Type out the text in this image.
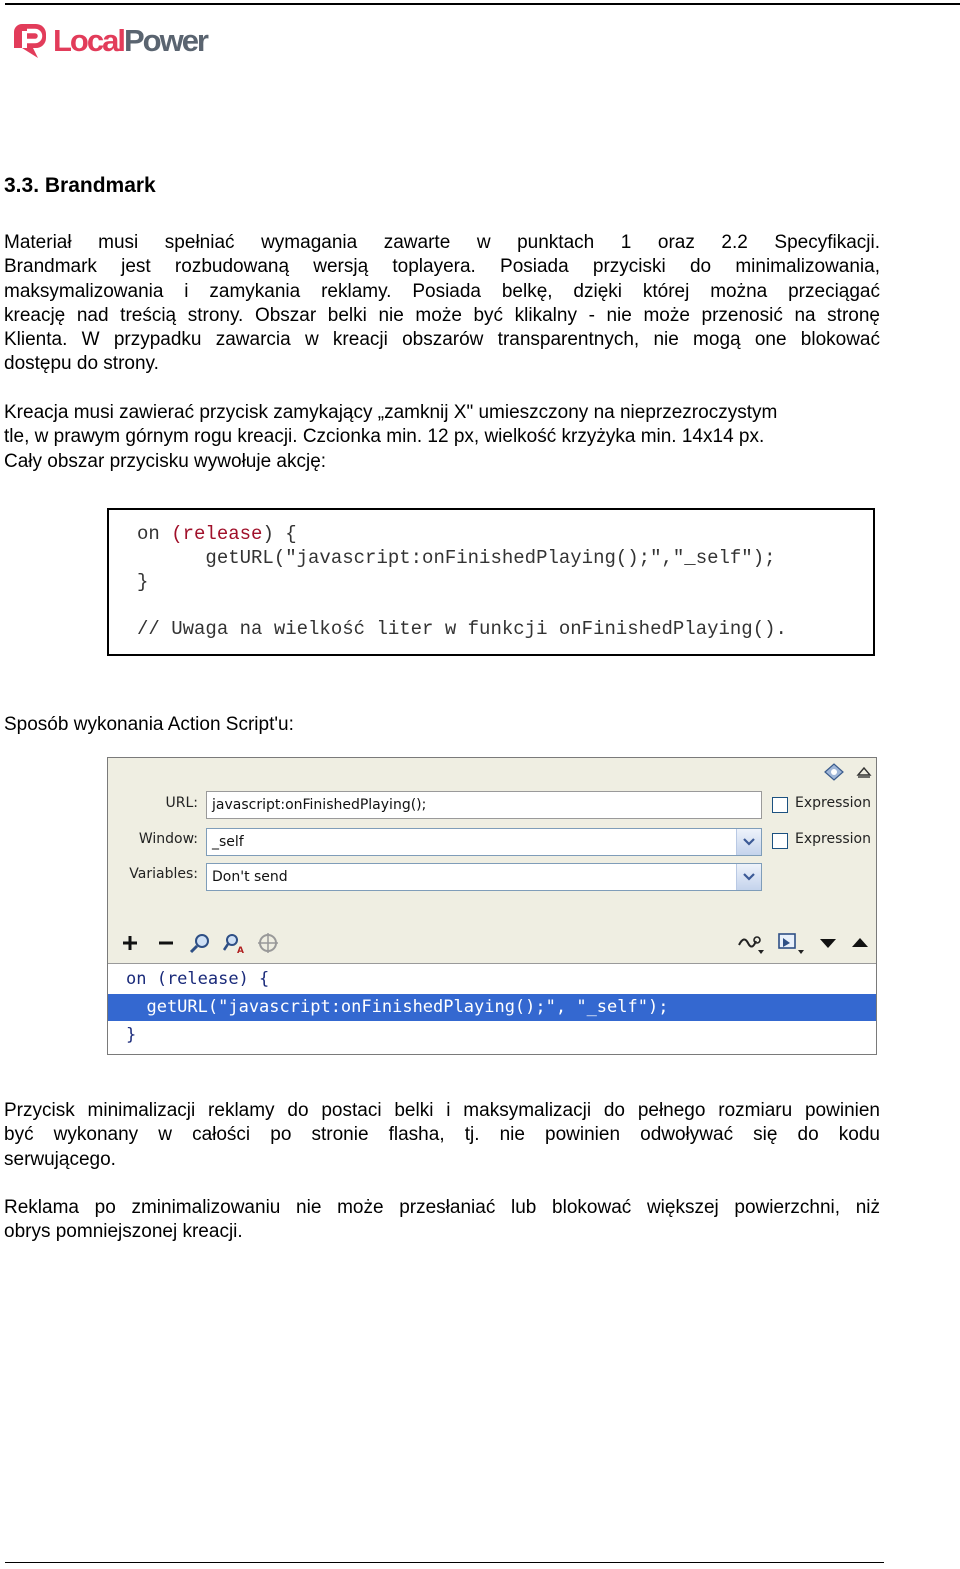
LocalPower
3.3. Brandmark
Materiał musi spełniać wymagania zawarte w punktach 1 oraz 2.2 Specyfikacji.
Brandmark jest rozbudowaną wersją toplayera. Posiada przyciski do minimalizowania,
maksymalizowania i zamykania reklamy. Posiada belkę, dzięki której można przeciągać
kreację nad treścią strony. Obszar belki nie może być klikalny - nie może przenosić na stronę
Klienta. W przypadku zawarcia w kreacji obszarów transparentnych, nie mogą one blokować
dostępu do strony.
Kreacja musi zawierać przycisk zamykający „zamknij X" umieszczony na nieprzezroczystym
tle, w prawym górnym rogu kreacji. Czcionka min. 12 px, wielkość krzyżyka min. 14x14 px.
Cały obszar przycisku wywołuje akcję:
on (release) {
getURL("javascript:onFinishedPlaying();","_self");
}
// Uwaga na wielkość liter w funkcji onFinishedPlaying().
Sposób wykonania Action Script'u:
URL:	javascript:onFinishedPlaying();	Expression
Window:	_self	Expression
Variables:	Don't send
A
on (release) {
getURL("javascript:onFinishedPlaying();", "_self");
}
Przycisk minimalizacji reklamy do postaci belki i maksymalizacji do pełnego rozmiaru powinien
być wykonany w całości po stronie flasha, tj. nie powinien odwoływać się do kodu
serwującego.
Reklama po zminimalizowaniu nie może przesłaniać lub blokować większej powierzchni, niż
obrys pomniejszonej kreacji.
